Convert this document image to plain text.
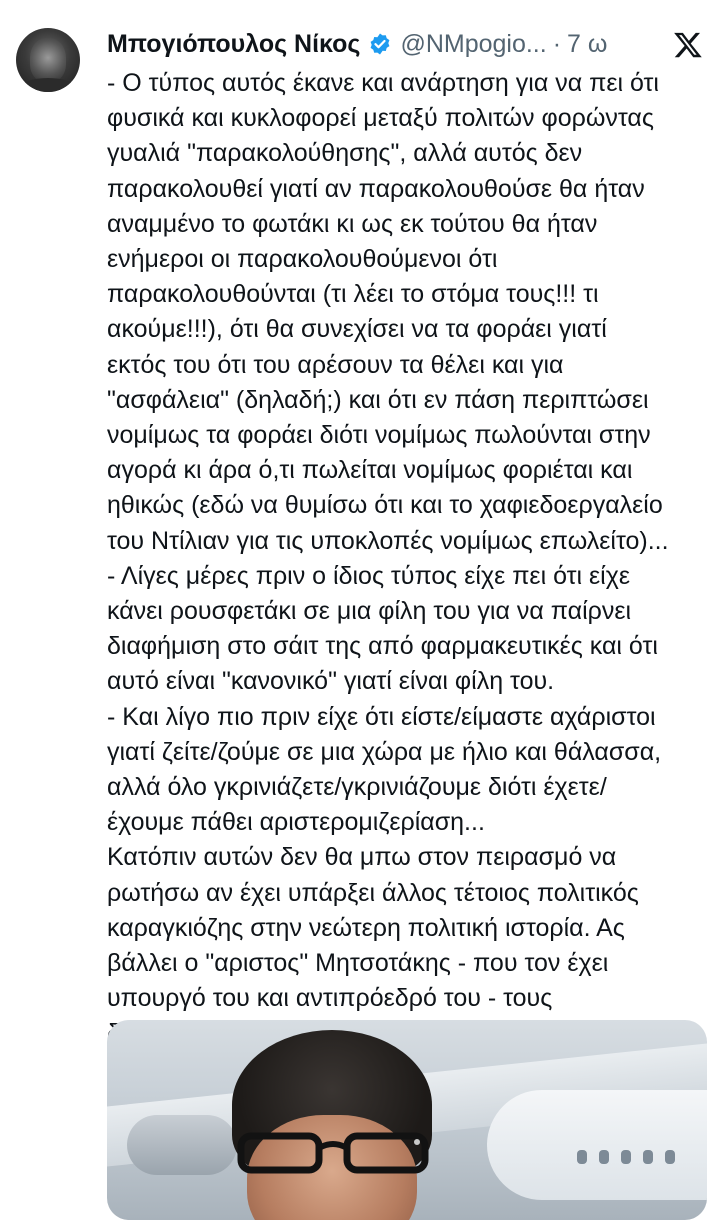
Μπογιόπουλος Νίκος @NMpogio... · 7 ω
- Ο τύπος αυτός έκανε και ανάρτηση για να πει ότι
φυσικά και κυκλοφορεί μεταξύ πολιτών φορώντας
γυαλιά "παρακολούθησης", αλλά αυτός δεν
παρακολουθεί γιατί αν παρακολουθούσε θα ήταν
αναμμένο το φωτάκι κι ως εκ τούτου θα ήταν
ενήμεροι οι παρακολουθούμενοι ότι
παρακολουθούνται (τι λέει το στόμα τους!!! τι
ακούμε!!!), ότι θα συνεχίσει να τα φοράει γιατί
εκτός του ότι του αρέσουν τα θέλει και για
"ασφάλεια" (δηλαδή;) και ότι εν πάση περιπτώσει
νομίμως τα φοράει διότι νομίμως πωλούνται στην
αγορά κι άρα ό,τι πωλείται νομίμως φοριέται και
ηθικώς (εδώ να θυμίσω ότι και το χαφιεδοεργαλείο
του Ντίλιαν για τις υποκλοπές νομίμως επωλείτο)...
- Λίγες μέρες πριν ο ίδιος τύπος είχε πει ότι είχε
κάνει ρουσφετάκι σε μια φίλη του για να παίρνει
διαφήμιση στο σάιτ της από φαρμακευτικές και ότι
αυτό είναι "κανονικό" γιατί είναι φίλη του.
- Και λίγο πιο πριν είχε ότι είστε/είμαστε αχάριστοι
γιατί ζείτε/ζούμε σε μια χώρα με ήλιο και θάλασσα,
αλλά όλο γκρινιάζετε/γκρινιάζουμε διότι έχετε/
έχουμε πάθει αριστερομιζερίαση...
Κατόπιν αυτών δεν θα μπω στον πειρασμό να
ρωτήσω αν έχει υπάρξει άλλος τέτοιος πολιτικός
καραγκιόζης στην νεώτερη πολιτική ιστορία. Ας
βάλλει ο "αριστος" Μητσοτάκης - που τον έχει
υπουργό του και αντιπρόεδρό του - τους
